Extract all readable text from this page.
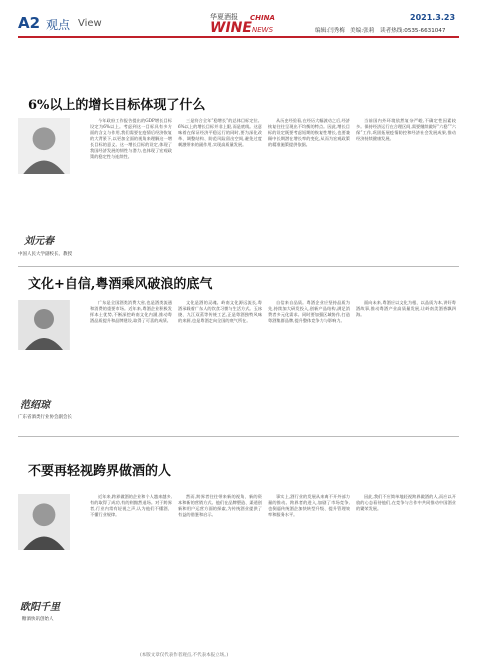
A2 观点 View
华夏酒报 CHINA
WINE NEWS
2021.3.23
编辑:闫秀梅 美编:张莉 读者热线:0535-6631047
6%以上的增长目标体现了什么
刘元春
中国人民大学副校长、教授

今年政府工作报告提出的GDP增长目标设定为6%以上。考虑到这一目标具有多方面的含义与作用,我们需要在疫情后经济恢复的大背景下,以更加全面的视角来理解这一增长目标的意义。这一增长目标的设定,体现了我国经济发展的韧性与潜力,也体现了宏观政策的稳定性与连续性。

三是符合全年“稳增长”的总体目标定位。6%以上的增长目标并非上限,而是底线。这意味着在保证经济平稳运行的同时,要为深化改革、调整结构、防范风险留出空间,避免过度刺激带来的副作用,实现高质量发展。

从历史经验看,在经历大幅波动之后,经济恢复往往呈现出不均衡的特点。因此,增长目标的设定既要考虑短期的恢复性增长,也要兼顾中长期潜在增长率的变化,从而为宏观政策的精准施策提供依据。

当前国内外环境依然复杂严峻,不确定性因素较多。保持经济运行在合理区间,需要继续做好“六稳”“六保”工作,巩固拓展疫情防控和经济社会发展成果,推动经济持续健康发展。

文化+自信,粤酒乘风破浪的底气
范绍琼
广东省酒类行业协会副会长

广东是全国酒类消费大省,也是酒类流通和消费的重要市场。近年来,粤酒企业积极发挥本土优势,不断深挖岭南文化内涵,推动粤酒品质提升和品牌建设,取得了可喜的成绩。

文化是酒的灵魂。岭南文化源远流长,粤酒承载着广东人的饮食习惯与生活方式。玉冰烧、九江双蒸等传统工艺,正是粤酒独特风味的来源,也是粤酒走向全国的底气所在。

自信来自品质。粤酒企业应坚持品质为先,持续加大研发投入,创新产品结构,满足消费者多元化需求。同时要加强区域协作,打造粤酒集群品牌,提升整体竞争力与影响力。

面向未来,粤酒应以文化为根、以品质为本,讲好粤酒故事,推动粤酒产业高质量发展,让岭南美酒香飘四海。

不要再轻视跨界做酒的人
欧阳千里
糖酒快讯创始人

近年来,跨界做酒的企业和个人越来越多,有的取得了成功,有的则黯然退场。对于跨界者,行业内常有轻视之声,认为他们不懂酒、不懂行业规律。

然而,跨界者往往带来新的视角、新的资本和新的营销方式。他们在品牌塑造、渠道创新和用户运营方面的探索,为传统酒业提供了有益的借鉴和启示。

事实上,酒行业的发展从来离不开外部力量的推动。跨界者的进入,加剧了市场竞争,也倒逼传统酒企加快转型升级、提升管理效率和服务水平。

因此,我们不应简单地轻视跨界做酒的人,而应以开放的心态看待他们,在竞争与合作中共同推动中国酒业的繁荣发展。

(本版文章仅代表作者观点,不代表本报立场。)
